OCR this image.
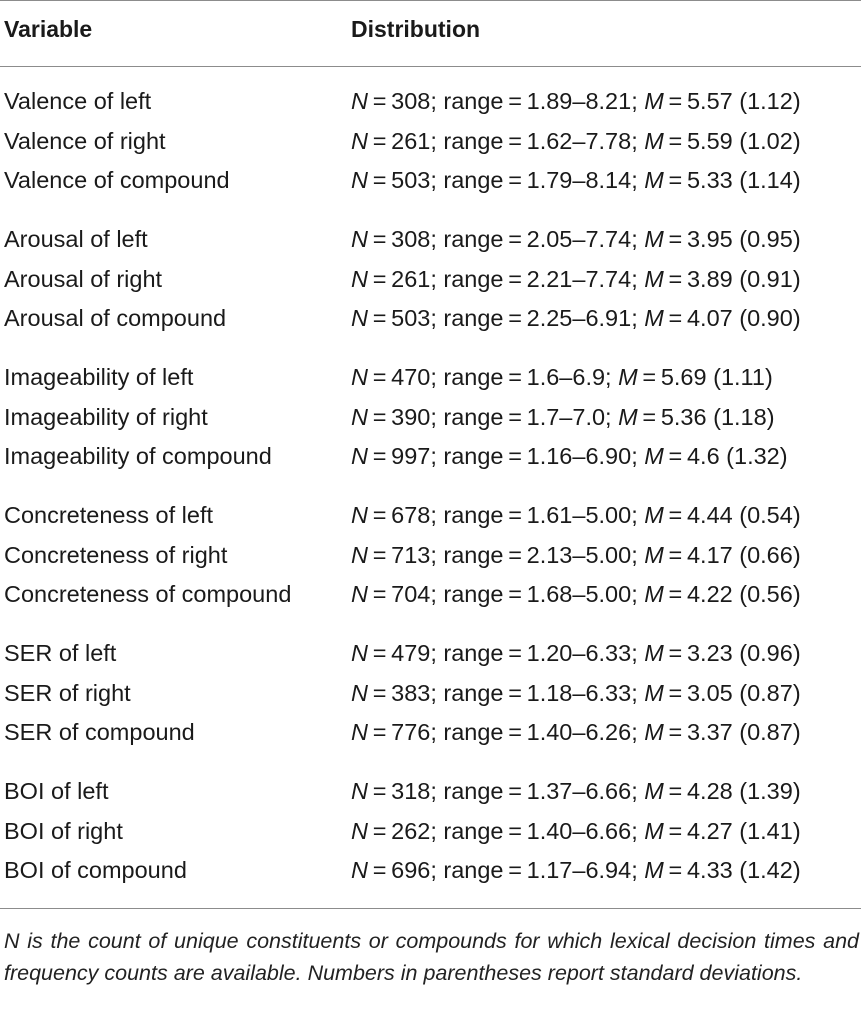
Variable	Distribution
Valence of left	N = 308; range = 1.89–8.21; M = 5.57 (1.12)
Valence of right	N = 261; range = 1.62–7.78; M = 5.59 (1.02)
Valence of compound	N = 503; range = 1.79–8.14; M = 5.33 (1.14)
Arousal of left	N = 308; range = 2.05–7.74; M = 3.95 (0.95)
Arousal of right	N = 261; range = 2.21–7.74; M = 3.89 (0.91)
Arousal of compound	N = 503; range = 2.25–6.91; M = 4.07 (0.90)
Imageability of left	N = 470; range = 1.6–6.9; M = 5.69 (1.11)
Imageability of right	N = 390; range = 1.7–7.0; M = 5.36 (1.18)
Imageability of compound	N = 997; range = 1.16–6.90; M = 4.6 (1.32)
Concreteness of left	N = 678; range = 1.61–5.00; M = 4.44 (0.54)
Concreteness of right	N = 713; range = 2.13–5.00; M = 4.17 (0.66)
Concreteness of compound	N = 704; range = 1.68–5.00; M = 4.22 (0.56)
SER of left	N = 479; range = 1.20–6.33; M = 3.23 (0.96)
SER of right	N = 383; range = 1.18–6.33; M = 3.05 (0.87)
SER of compound	N = 776; range = 1.40–6.26; M = 3.37 (0.87)
BOI of left	N = 318; range = 1.37–6.66; M = 4.28 (1.39)
BOI of right	N = 262; range = 1.40–6.66; M = 4.27 (1.41)
BOI of compound	N = 696; range = 1.17–6.94; M = 4.33 (1.42)
N is the count of unique constituents or compounds for which lexical decision times and frequency counts are available. Numbers in parentheses report standard deviations.
